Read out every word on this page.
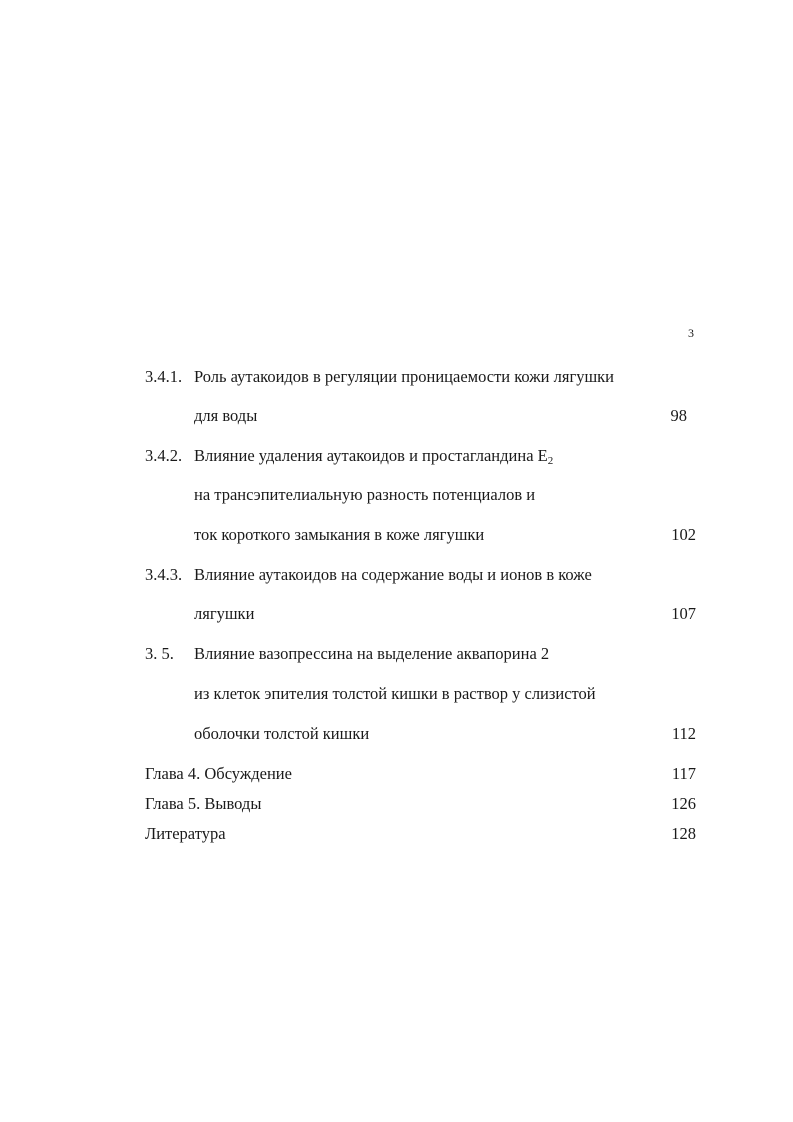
3
3.4.1. Роль аутакоидов в регуляции проницаемости кожи лягушки
для воды	98
3.4.2. Влияние удаления аутакоидов и простагландина $E_2$
на трансэпителиальную разность потенциалов и
ток короткого замыкания в коже лягушки	102
3.4.3. Влияние аутакоидов на содержание воды и ионов в коже
лягушки	107
3. 5. Влияние вазопрессина на выделение аквапорина 2
из клеток эпителия толстой кишки в раствор у слизистой
оболочки толстой кишки	112
Глава 4. Обсуждение	117
Глава 5. Выводы	126
Литература	128
